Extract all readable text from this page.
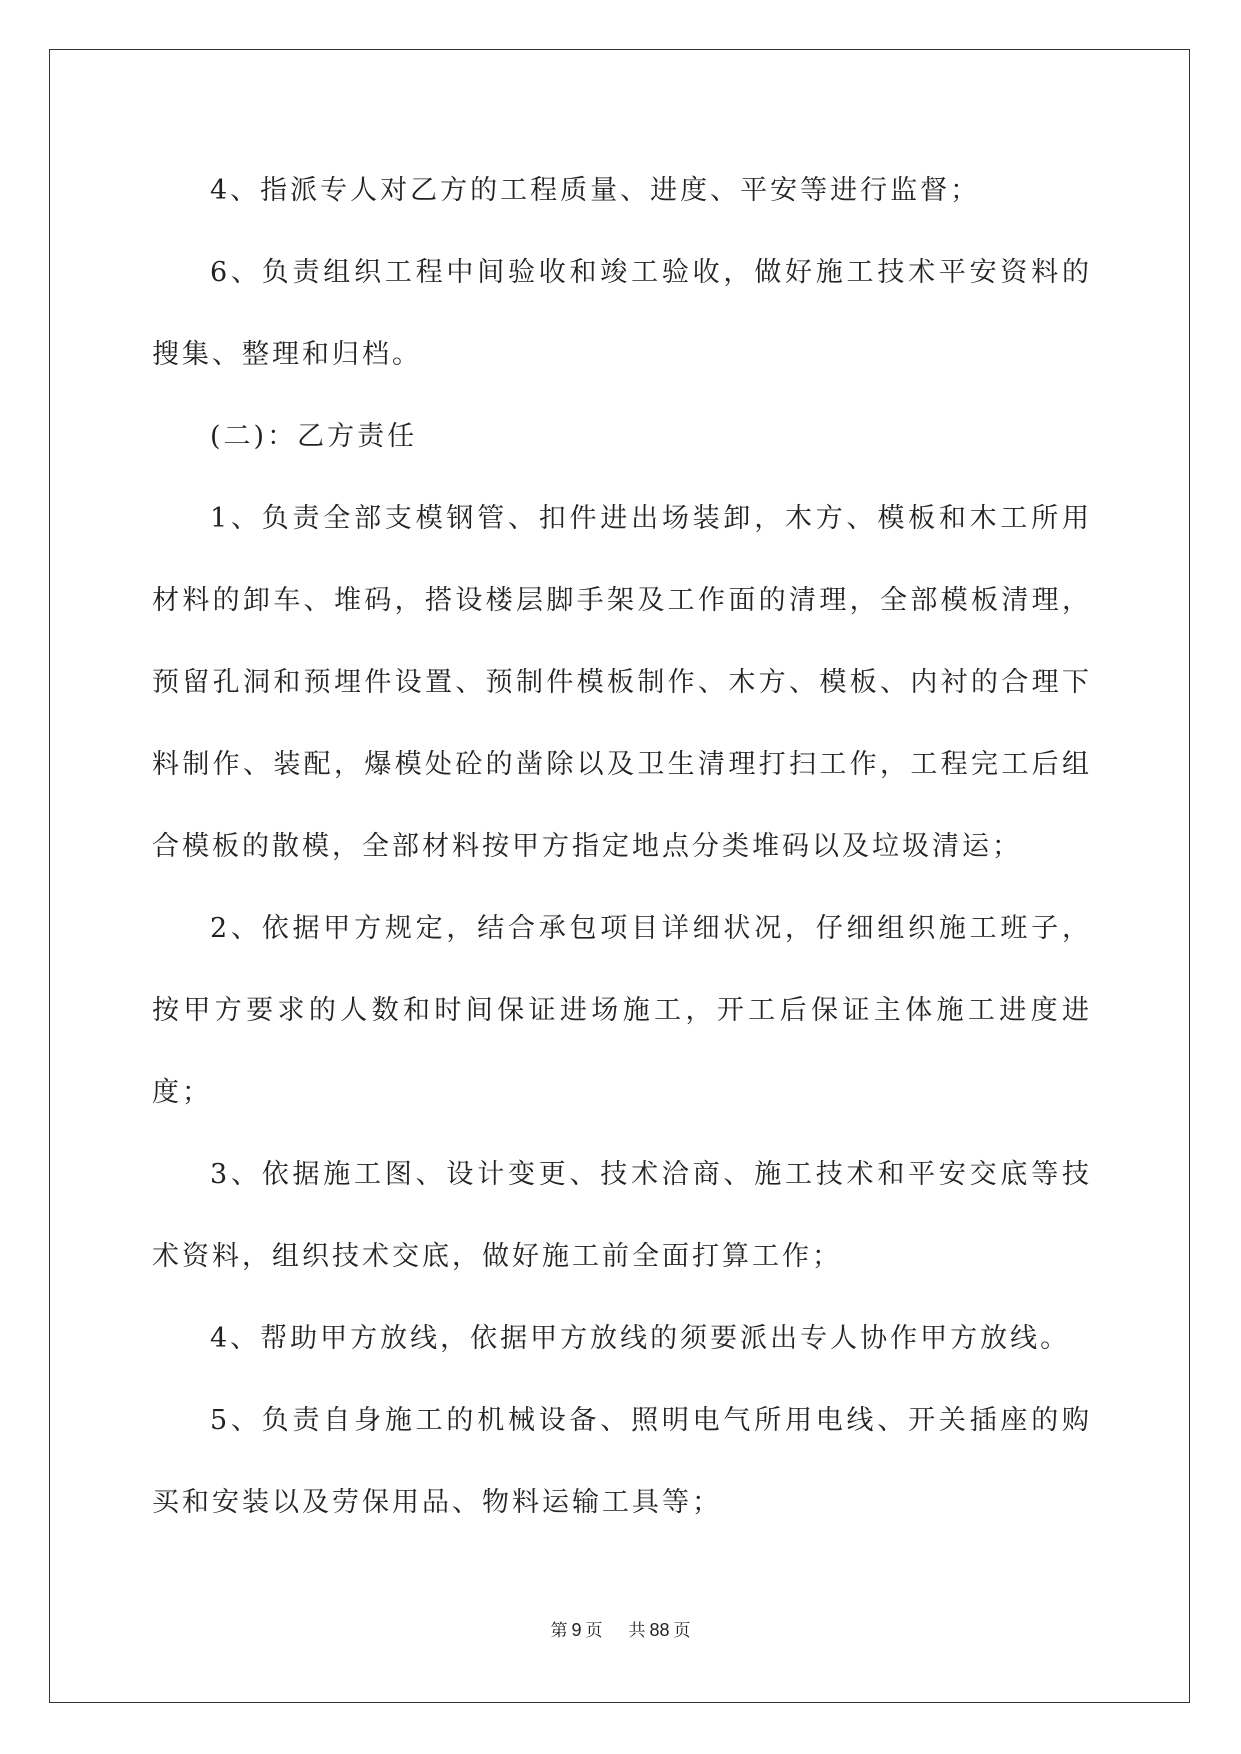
4、指派专人对乙方的工程质量、进度、平安等进行监督；

6、负责组织工程中间验收和竣工验收，做好施工技术平安资料的搜集、整理和归档。

(二)：乙方责任

1、负责全部支模钢管、扣件进出场装卸，木方、模板和木工所用材料的卸车、堆码，搭设楼层脚手架及工作面的清理，全部模板清理，预留孔洞和预埋件设置、预制件模板制作、木方、模板、内衬的合理下料制作、装配，爆模处砼的凿除以及卫生清理打扫工作，工程完工后组合模板的散模，全部材料按甲方指定地点分类堆码以及垃圾清运；

2、依据甲方规定，结合承包项目详细状况，仔细组织施工班子，按甲方要求的人数和时间保证进场施工，开工后保证主体施工进度进度；

3、依据施工图、设计变更、技术洽商、施工技术和平安交底等技术资料，组织技术交底，做好施工前全面打算工作；

4、帮助甲方放线，依据甲方放线的须要派出专人协作甲方放线。

5、负责自身施工的机械设备、照明电气所用电线、开关插座的购买和安装以及劳保用品、物料运输工具等；

第 9 页 共 88 页
